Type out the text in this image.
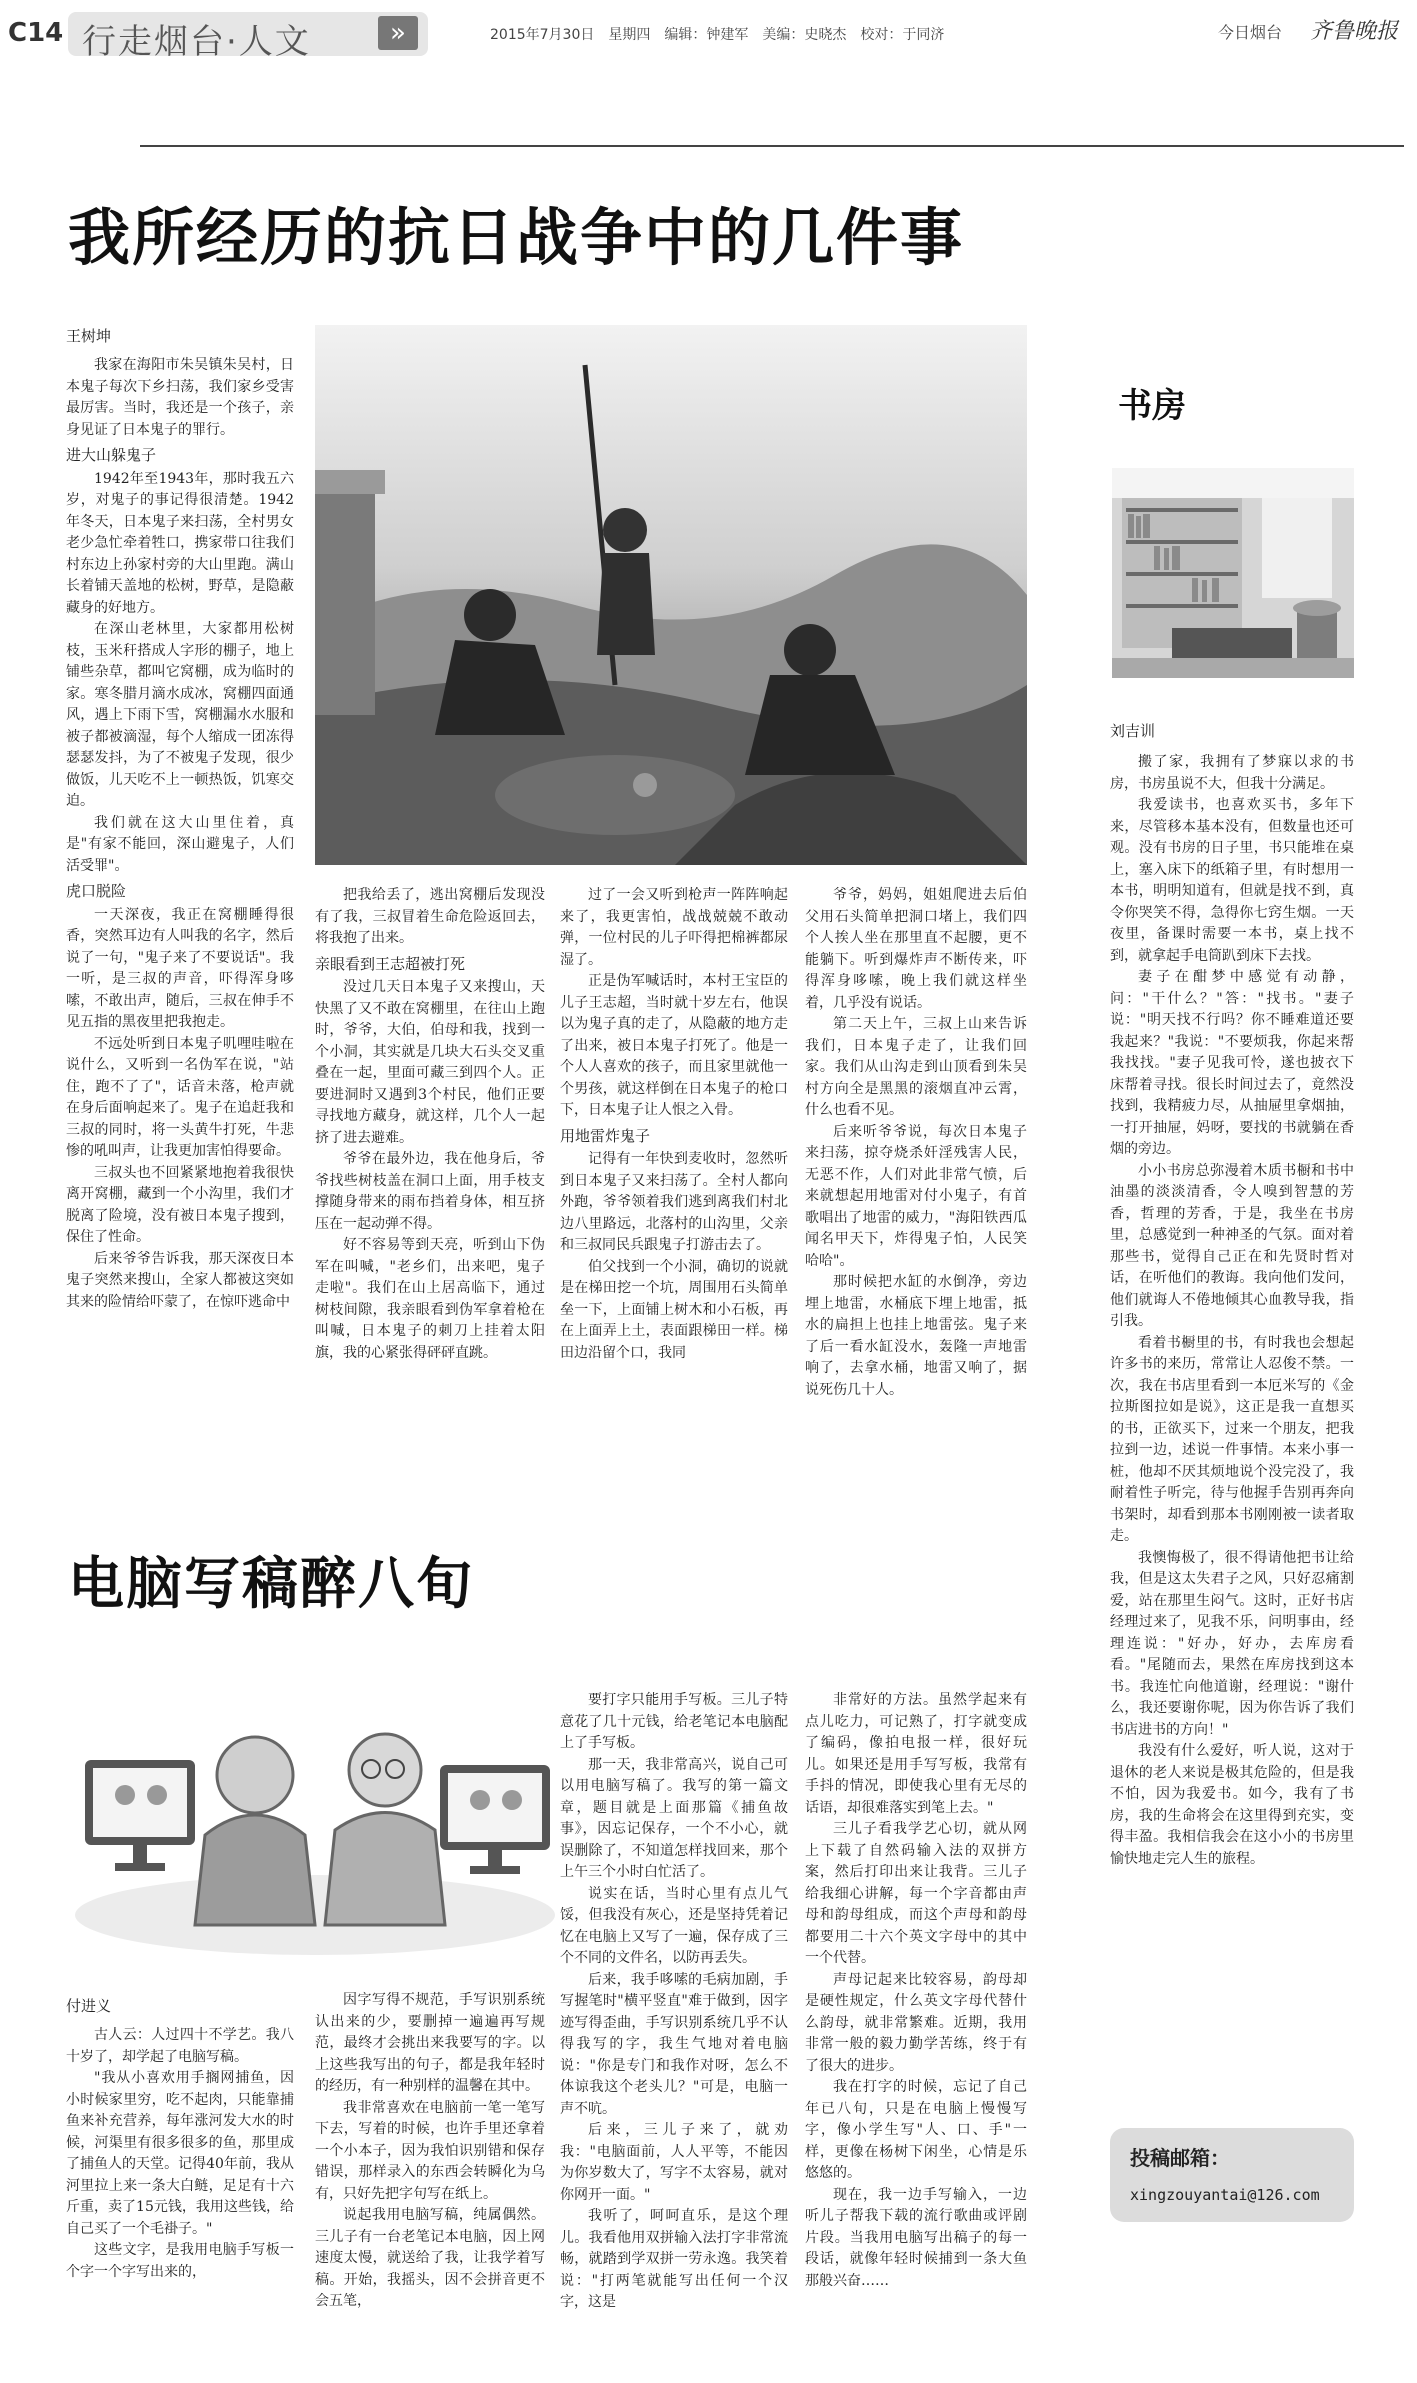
C14 行走烟台·人文	»	2015年7月30日　星期四　编辑：钟建军　美编：史晓杰　校对：于同济	今日烟台 齐鲁晚报
我所经历的抗日战争中的几件事
王树坤

我家在海阳市朱吴镇朱吴村，日本鬼子每次下乡扫荡，我们家乡受害最厉害。当时，我还是一个孩子，亲身见证了日本鬼子的罪行。

进大山躲鬼子

1942年至1943年，那时我五六岁，对鬼子的事记得很清楚。1942年冬天，日本鬼子来扫荡，全村男女老少急忙牵着牲口，携家带口往我们村东边上孙家村旁的大山里跑。满山长着铺天盖地的松树，野草，是隐蔽藏身的好地方。

在深山老林里，大家都用松树枝，玉米秆搭成人字形的棚子，地上铺些杂草，都叫它窝棚，成为临时的家。寒冬腊月滴水成冰，窝棚四面通风，遇上下雨下雪，窝棚漏水水服和被子都被滴湿，每个人缩成一团冻得瑟瑟发抖，为了不被鬼子发现，很少做饭，儿天吃不上一顿热饭，饥寒交迫。

我们就在这大山里住着，真是"有家不能回，深山避鬼子，人们活受罪"。

虎口脱险

一天深夜，我正在窝棚睡得很香，突然耳边有人叫我的名字，然后说了一句，"鬼子来了不要说话"。我一听，是三叔的声音，吓得浑身哆嗦，不敢出声，随后，三叔在伸手不见五指的黑夜里把我抱走。

不远处听到日本鬼子叽哩哇啦在说什么，又听到一名伪军在说，"站住，跑不了了"，话音未落，枪声就在身后面响起来了。鬼子在追赶我和三叔的同时，将一头黄牛打死，牛悲惨的吼叫声，让我更加害怕得要命。

三叔头也不回紧紧地抱着我很快离开窝棚，藏到一个小沟里，我们才脱离了险境，没有被日本鬼子搜到，保住了性命。

后来爷爷告诉我，那天深夜日本鬼子突然来搜山，全家人都被这突如其来的险情给吓蒙了，在惊吓逃命中

把我给丢了，逃出窝棚后发现没有了我，三叔冒着生命危险返回去，将我抱了出来。

亲眼看到王志超被打死

没过几天日本鬼子又来搜山，天快黑了又不敢在窝棚里，在往山上跑时，爷爷，大伯，伯母和我，找到一个小洞，其实就是几块大石头交叉重叠在一起，里面可藏三到四个人。正要进洞时又遇到3个村民，他们正要寻找地方藏身，就这样，几个人一起挤了进去避难。

爷爷在最外边，我在他身后，爷爷找些树枝盖在洞口上面，用手枝支撑随身带来的雨布挡着身体，相互挤压在一起动弹不得。

好不容易等到天亮，听到山下伪军在叫喊，"老乡们，出来吧，鬼子走啦"。我们在山上居高临下，通过树枝间隙，我亲眼看到伪军拿着枪在叫喊，日本鬼子的刺刀上挂着太阳旗，我的心紧张得砰砰直跳。

过了一会又听到枪声一阵阵响起来了，我更害怕，战战兢兢不敢动弹，一位村民的儿子吓得把棉裤都尿湿了。

正是伪军喊话时，本村王宝臣的儿子王志超，当时就十岁左右，他误以为鬼子真的走了，从隐蔽的地方走了出来，被日本鬼子打死了。他是一个人人喜欢的孩子，而且家里就他一个男孩，就这样倒在日本鬼子的枪口下，日本鬼子让人恨之入骨。

用地雷炸鬼子

记得有一年快到麦收时，忽然听到日本鬼子又来扫荡了。全村人都向外跑，爷爷领着我们逃到离我们村北边八里路远，北落村的山沟里，父亲和三叔同民兵跟鬼子打游击去了。

伯父找到一个小洞，确切的说就是在梯田挖一个坑，周围用石头简单垒一下，上面铺上树木和小石板，再在上面弄上土，表面跟梯田一样。梯田边沿留个口，我同

爷爷，妈妈，姐姐爬进去后伯父用石头简单把洞口堵上，我们四个人挨人坐在那里直不起腰，更不能躺下。听到爆炸声不断传来，吓得浑身哆嗦，晚上我们就这样坐着，几乎没有说话。

第二天上午，三叔上山来告诉我们，日本鬼子走了，让我们回家。我们从山沟走到山顶看到朱吴村方向全是黑黑的滚烟直冲云霄，什么也看不见。

后来听爷爷说，每次日本鬼子来扫荡，掠夺烧杀奸淫残害人民，无恶不作，人们对此非常气愤，后来就想起用地雷对付小鬼子，有首歌唱出了地雷的威力，"海阳铁西瓜闻名甲天下，炸得鬼子怕，人民笑哈哈"。

那时候把水缸的水倒净，旁边埋上地雷，水桶底下埋上地雷，抵水的扁担上也挂上地雷弦。鬼子来了后一看水缸没水，轰隆一声地雷响了，去拿水桶，地雷又响了，据说死伤几十人。

书房
刘吉训

搬了家，我拥有了梦寐以求的书房，书房虽说不大，但我十分满足。

我爱读书，也喜欢买书，多年下来，尽管移本基本没有，但数量也还可观。没有书房的日子里，书只能堆在桌上，塞入床下的纸箱子里，有时想用一本书，明明知道有，但就是找不到，真令你哭笑不得，急得你七窍生烟。一天夜里，备课时需要一本书，桌上找不到，就拿起手电筒趴到床下去找。

妻子在酣梦中感觉有动静，问："干什么？"答："找书。"妻子说："明天找不行吗？你不睡难道还要我起来？"我说："不要烦我，你起来帮我找找。"妻子见我可怜，遂也披衣下床帮着寻找。很长时间过去了，竟然没找到，我精疲力尽，从抽屉里拿烟抽，一打开抽屉，妈呀，要找的书就躺在香烟的旁边。

小小书房总弥漫着木质书橱和书中油墨的淡淡清香，令人嗅到智慧的芳香，哲理的芳香，于是，我坐在书房里，总感觉到一种神圣的气氛。面对着那些书，觉得自己正在和先贤时哲对话，在听他们的教诲。我向他们发问，他们就诲人不倦地倾其心血教导我，指引我。

看着书橱里的书，有时我也会想起许多书的来历，常常让人忍俊不禁。一次，我在书店里看到一本厄米写的《金拉斯图拉如是说》，这正是我一直想买的书，正欲买下，过来一个朋友，把我拉到一边，述说一件事情。本来小事一桩，他却不厌其烦地说个没完没了，我耐着性子听完，待与他握手告别再奔向书架时，却看到那本书刚刚被一读者取走。

我懊悔极了，很不得请他把书让给我，但是这太失君子之风，只好忍痛割爱，站在那里生闷气。这时，正好书店经理过来了，见我不乐，问明事由，经理连说："好办，好办，去库房看看。"尾随而去，果然在库房找到这本书。我连忙向他道谢，经理说："谢什么，我还要谢你呢，因为你告诉了我们书店进书的方向！"

我没有什么爱好，听人说，这对于退休的老人来说是极其危险的，但是我不怕，因为我爱书。如今，我有了书房，我的生命将会在这里得到充实，变得丰盈。我相信我会在这小小的书房里愉快地走完人生的旅程。

电脑写稿醉八旬
付进义

古人云：人过四十不学艺。我八十岁了，却学起了电脑写稿。

"我从小喜欢用手搁网捕鱼，因小时候家里穷，吃不起肉，只能靠捕鱼来补充营养，每年涨河发大水的时候，河渠里有很多很多的鱼，那里成了捕鱼人的天堂。记得40年前，我从河里拉上来一条大白鲢，足足有十六斤重，卖了15元钱，我用这些钱，给自己买了一个毛褂子。"

这些文字，是我用电脑手写板一个字一个字写出来的，

因字写得不规范，手写识别系统认出来的少，要删掉一遍遍再写规范，最终才会挑出来我要写的字。以上这些我写出的句子，都是我年轻时的经历，有一种别样的温馨在其中。

我非常喜欢在电脑前一笔一笔写下去，写着的时候，也许手里还拿着一个小本子，因为我怕识别错和保存错误，那样录入的东西会转瞬化为乌有，只好先把字句写在纸上。

说起我用电脑写稿，纯属偶然。三儿子有一台老笔记本电脑，因上网速度太慢，就送给了我，让我学着写稿。开始，我摇头，因不会拼音更不会五笔，

要打字只能用手写板。三儿子特意花了几十元钱，给老笔记本电脑配上了手写板。

那一天，我非常高兴，说自己可以用电脑写稿了。我写的第一篇文章，题目就是上面那篇《捕鱼故事》，因忘记保存，一个不小心，就误删除了，不知道怎样找回来，那个上午三个小时白忙活了。

说实在话，当时心里有点儿气馁，但我没有灰心，还是坚持凭着记忆在电脑上又写了一遍，保存成了三个不同的文件名，以防再丢失。

后来，我手哆嗦的毛病加剧，手写握笔时"横平竖直"难于做到，因字迹写得歪曲，手写识别系统几乎不认得我写的字，我生气地对着电脑说："你是专门和我作对呀，怎么不体谅我这个老头儿？"可是，电脑一声不吭。

后来，三儿子来了，就劝我："电脑面前，人人平等，不能因为你岁数大了，写字不太容易，就对你网开一面。"

我听了，呵呵直乐，是这个理儿。我看他用双拼输入法打字非常流畅，就踏到学双拼一劳永逸。我笑着说："打两笔就能写出任何一个汉字，这是

非常好的方法。虽然学起来有点儿吃力，可记熟了，打字就变成了编码，像拍电报一样，很好玩儿。如果还是用手写写板，我常有手抖的情况，即使我心里有无尽的话语，却很难落实到笔上去。"

三儿子看我学艺心切，就从网上下载了自然码输入法的双拼方案，然后打印出来让我背。三儿子给我细心讲解，每一个字音都由声母和韵母组成，而这个声母和韵母都要用二十六个英文字母中的其中一个代替。

声母记起来比较容易，韵母却是硬性规定，什么英文字母代替什么韵母，就非常繁难。近期，我用非常一般的毅力勤学苦练，终于有了很大的进步。

我在打字的时候，忘记了自己年已八旬，只是在电脑上慢慢写字，像小学生写"人、口、手"一样，更像在杨树下闲坐，心情是乐悠悠的。

现在，我一边手写输入，一边听儿子帮我下载的流行歌曲或评剧片段。当我用电脑写出稿子的每一段话，就像年轻时候捕到一条大鱼那般兴奋……

投稿邮箱：
xingzouyantai@126.com
